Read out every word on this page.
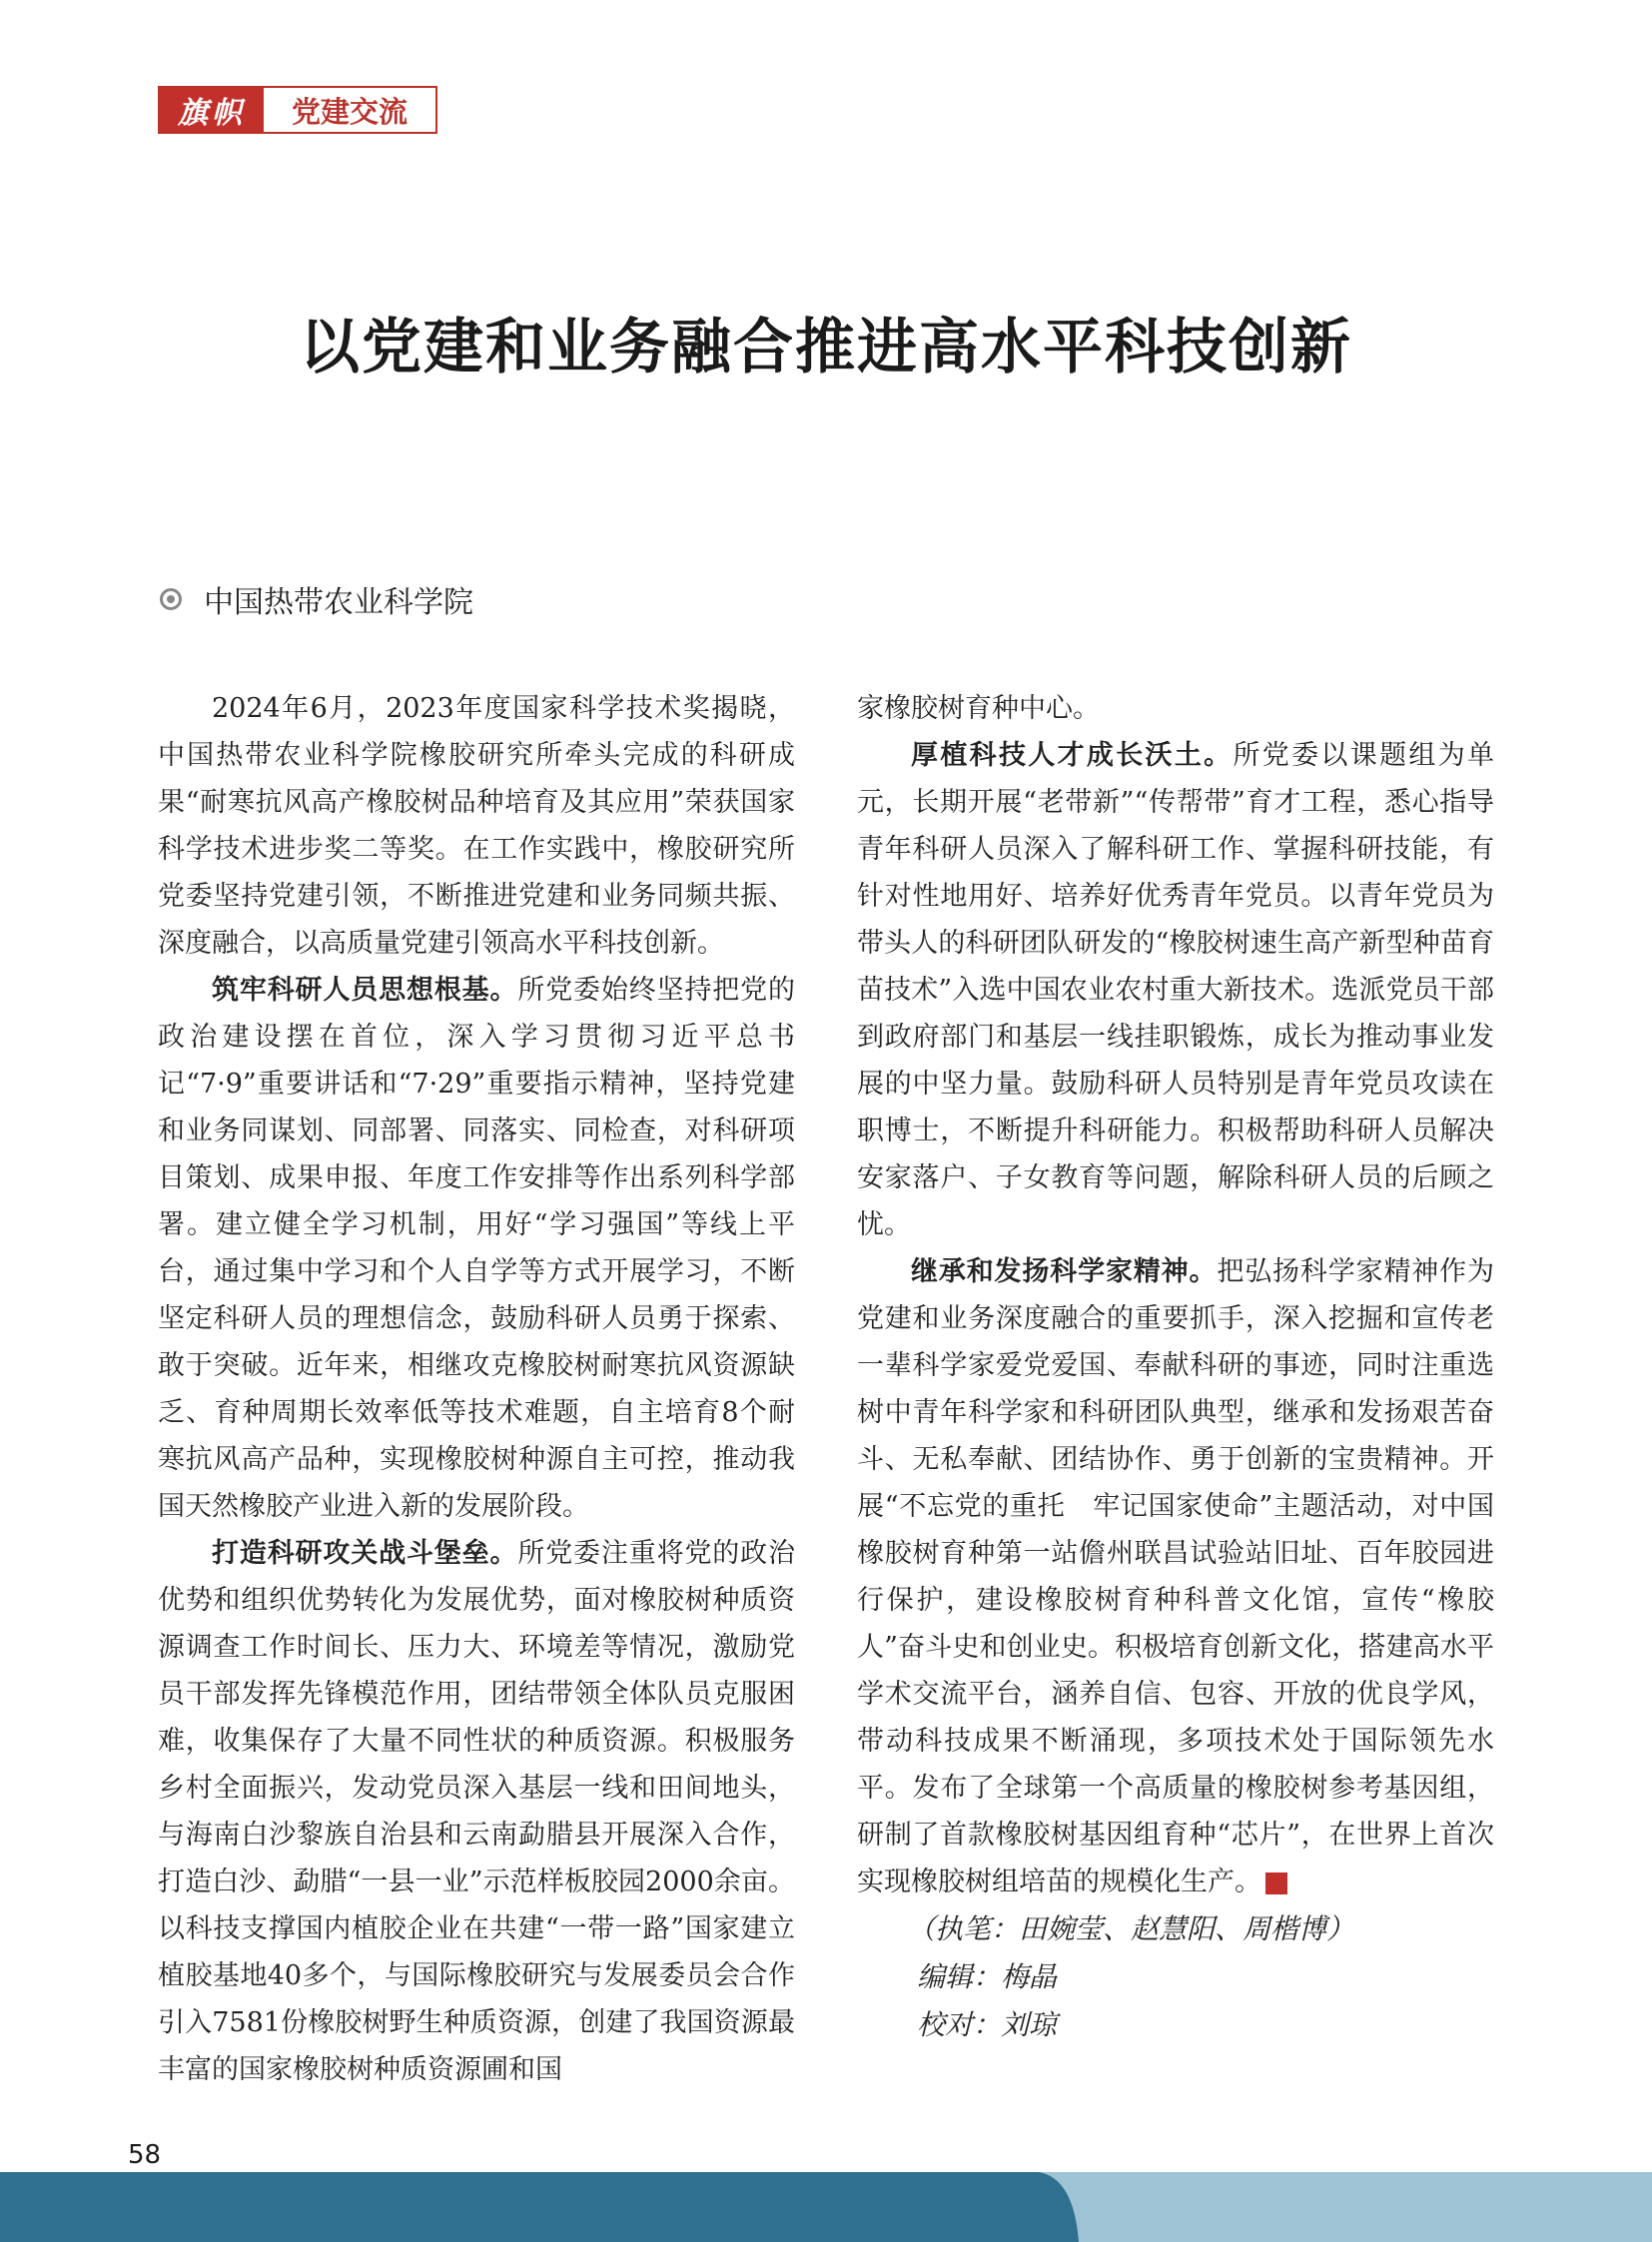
旗帜	党建交流
以党建和业务融合推进高水平科技创新
中国热带农业科学院

2024年6月，2023年度国家科学技术奖揭晓，中国热带农业科学院橡胶研究所牵头完成的科研成果“耐寒抗风高产橡胶树品种培育及其应用”荣获国家科学技术进步奖二等奖。在工作实践中，橡胶研究所党委坚持党建引领，不断推进党建和业务同频共振、深度融合，以高质量党建引领高水平科技创新。

筑牢科研人员思想根基。所党委始终坚持把党的政治建设摆在首位，深入学习贯彻习近平总书记“7·9”重要讲话和“7·29”重要指示精神，坚持党建和业务同谋划、同部署、同落实、同检查，对科研项目策划、成果申报、年度工作安排等作出系列科学部署。建立健全学习机制，用好“学习强国”等线上平台，通过集中学习和个人自学等方式开展学习，不断坚定科研人员的理想信念，鼓励科研人员勇于探索、敢于突破。近年来，相继攻克橡胶树耐寒抗风资源缺乏、育种周期长效率低等技术难题，自主培育8个耐寒抗风高产品种，实现橡胶树种源自主可控，推动我国天然橡胶产业进入新的发展阶段。

打造科研攻关战斗堡垒。所党委注重将党的政治优势和组织优势转化为发展优势，面对橡胶树种质资源调查工作时间长、压力大、环境差等情况，激励党员干部发挥先锋模范作用，团结带领全体队员克服困难，收集保存了大量不同性状的种质资源。积极服务乡村全面振兴，发动党员深入基层一线和田间地头，与海南白沙黎族自治县和云南勐腊县开展深入合作，打造白沙、勐腊“一县一业”示范样板胶园2000余亩。以科技支撑国内植胶企业在共建“一带一路”国家建立植胶基地40多个，与国际橡胶研究与发展委员会合作引入7581份橡胶树野生种质资源，创建了我国资源最丰富的国家橡胶树种质资源圃和国

家橡胶树育种中心。

厚植科技人才成长沃土。所党委以课题组为单元，长期开展“老带新”“传帮带”育才工程，悉心指导青年科研人员深入了解科研工作、掌握科研技能，有针对性地用好、培养好优秀青年党员。以青年党员为带头人的科研团队研发的“橡胶树速生高产新型种苗育苗技术”入选中国农业农村重大新技术。选派党员干部到政府部门和基层一线挂职锻炼，成长为推动事业发展的中坚力量。鼓励科研人员特别是青年党员攻读在职博士，不断提升科研能力。积极帮助科研人员解决安家落户、子女教育等问题，解除科研人员的后顾之忧。

继承和发扬科学家精神。把弘扬科学家精神作为党建和业务深度融合的重要抓手，深入挖掘和宣传老一辈科学家爱党爱国、奉献科研的事迹，同时注重选树中青年科学家和科研团队典型，继承和发扬艰苦奋斗、无私奉献、团结协作、勇于创新的宝贵精神。开展“不忘党的重托　牢记国家使命”主题活动，对中国橡胶树育种第一站儋州联昌试验站旧址、百年胶园进行保护，建设橡胶树育种科普文化馆，宣传“橡胶人”奋斗史和创业史。积极培育创新文化，搭建高水平学术交流平台，涵养自信、包容、开放的优良学风，带动科技成果不断涌现，多项技术处于国际领先水平。发布了全球第一个高质量的橡胶树参考基因组，研制了首款橡胶树基因组育种“芯片”，在世界上首次实现橡胶树组培苗的规模化生产。

（执笔：田婉莹、赵慧阳、周楷博）
编辑：梅晶
校对：刘琼
58
